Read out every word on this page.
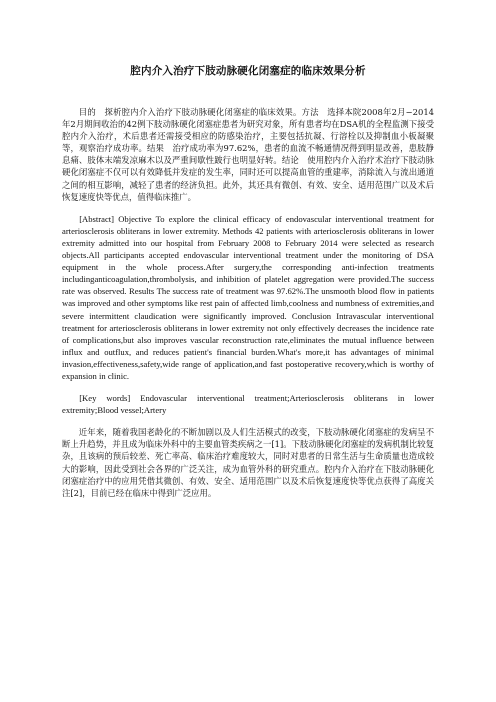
腔内介入治疗下肢动脉硬化闭塞症的临床效果分析

目的　探析腔内介入治疗下肢动脉硬化闭塞症的临床效果。方法　选择本院2008年2月−2014年2月期间收治的42例下肢动脉硬化闭塞症患者为研究对象，所有患者均在DSA机的全程监测下接受腔内介入治疗，术后患者还需接受相应的防感染治疗，主要包括抗凝、行溶栓以及抑制血小板凝聚等，观察治疗成功率。结果　治疗成功率为97.62%，患者的血流不畅通情况得到明显改善，患肢静息痛、肢体末端发凉麻木以及严重间歇性跛行也明显好转。结论　使用腔内介入治疗术治疗下肢动脉硬化闭塞症不仅可以有效降低并发症的发生率，同时还可以提高血管的重建率，消除流入与流出通道之间的相互影响，减轻了患者的经济负担。此外，其还具有微创、有效、安全、适用范围广以及术后恢复速度快等优点，值得临床推广。

[Abstract] Objective To explore the clinical efficacy of endovascular interventional treatment for arteriosclerosis obliterans in lower extremity. Methods 42 patients with arteriosclerosis obliterans in lower extremity admitted into our hospital from February 2008 to February 2014 were selected as research objects.All participants accepted endovascular interventional treatment under the monitoring of DSA equipment in the whole process.After surgery,the corresponding anti-infection treatments includinganticoagulation,thrombolysis, and inhibition of platelet aggregation were provided.The success rate was observed. Results The success rate of treatment was 97.62%.The unsmooth blood flow in patients was improved and other symptoms like rest pain of affected limb,coolness and numbness of extremities,and severe intermittent claudication were significantly improved. Conclusion Intravascular interventional treatment for arteriosclerosis obliterans in lower extremity not only effectively decreases the incidence rate of complications,but also improves vascular reconstruction rate,eliminates the mutual influence between influx and outflux, and reduces patient's financial burden.What's more,it has advantages of minimal invasion,effectiveness,safety,wide range of application,and fast postoperative recovery,which is worthy of expansion in clinic.

[Key words] Endovascular interventional treatment;Arteriosclerosis obliterans in lower extremity;Blood vessel;Artery

近年来，随着我国老龄化的不断加剧以及人们生活模式的改变，下肢动脉硬化闭塞症的发病呈不断上升趋势，并且成为临床外科中的主要血管类疾病之一[1]。下肢动脉硬化闭塞症的发病机制比较复杂，且该病的预后较差、死亡率高、临床治疗难度较大，同时对患者的日常生活与生命质量也造成较大的影响，因此受到社会各界的广泛关注，成为血管外科的研究重点。腔内介入治疗在下肢动脉硬化闭塞症治疗中的应用凭借其微创、有效、安全、适用范围广以及术后恢复速度快等优点获得了高度关注[2]，目前已经在临床中得到广泛应用。
